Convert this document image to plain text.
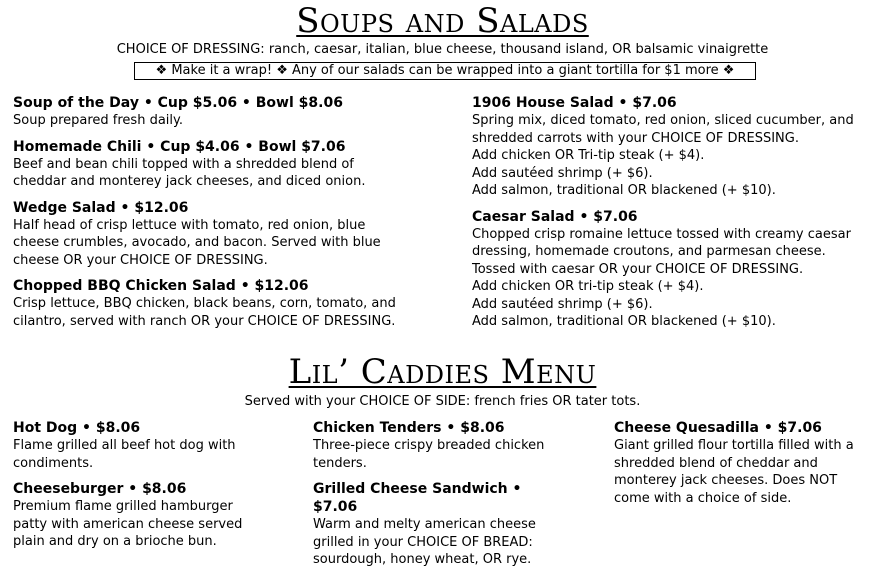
Soups and Salads
CHOICE OF DRESSING: ranch, caesar, italian, blue cheese, thousand island, OR balsamic vinaigrette
❖ Make it a wrap! ❖ Any of our salads can be wrapped into a giant tortilla for $1 more ❖
Soup of the Day • Cup $5.06 • Bowl $8.06
Soup prepared fresh daily.
Homemade Chili • Cup $4.06 • Bowl $7.06
Beef and bean chili topped with a shredded blend of cheddar and monterey jack cheeses, and diced onion.
Wedge Salad • $12.06
Half head of crisp lettuce with tomato, red onion, blue cheese crumbles, avocado, and bacon. Served with blue cheese OR your CHOICE OF DRESSING.
Chopped BBQ Chicken Salad • $12.06
Crisp lettuce, BBQ chicken, black beans, corn, tomato, and cilantro, served with ranch OR your CHOICE OF DRESSING.
1906 House Salad • $7.06
Spring mix, diced tomato, red onion, sliced cucumber, and shredded carrots with your CHOICE OF DRESSING.
Add chicken OR Tri-tip steak (+ $4).
Add sautéed shrimp (+ $6).
Add salmon, traditional OR blackened (+ $10).
Caesar Salad • $7.06
Chopped crisp romaine lettuce tossed with creamy caesar dressing, homemade croutons, and parmesan cheese. Tossed with caesar OR your CHOICE OF DRESSING.
Add chicken OR tri-tip steak (+ $4).
Add sautéed shrimp (+ $6).
Add salmon, traditional OR blackened (+ $10).
Lil’ Caddies Menu
Served with your CHOICE OF SIDE: french fries OR tater tots.
Hot Dog • $8.06
Flame grilled all beef hot dog with condiments.
Cheeseburger • $8.06
Premium flame grilled hamburger patty with american cheese served plain and dry on a brioche bun.
Chicken Tenders • $8.06
Three-piece crispy breaded chicken tenders.
Grilled Cheese Sandwich • $7.06
Warm and melty american cheese grilled in your CHOICE OF BREAD: sourdough, honey wheat, OR rye.
Cheese Quesadilla • $7.06
Giant grilled flour tortilla filled with a shredded blend of cheddar and monterey jack cheeses. Does NOT come with a choice of side.
